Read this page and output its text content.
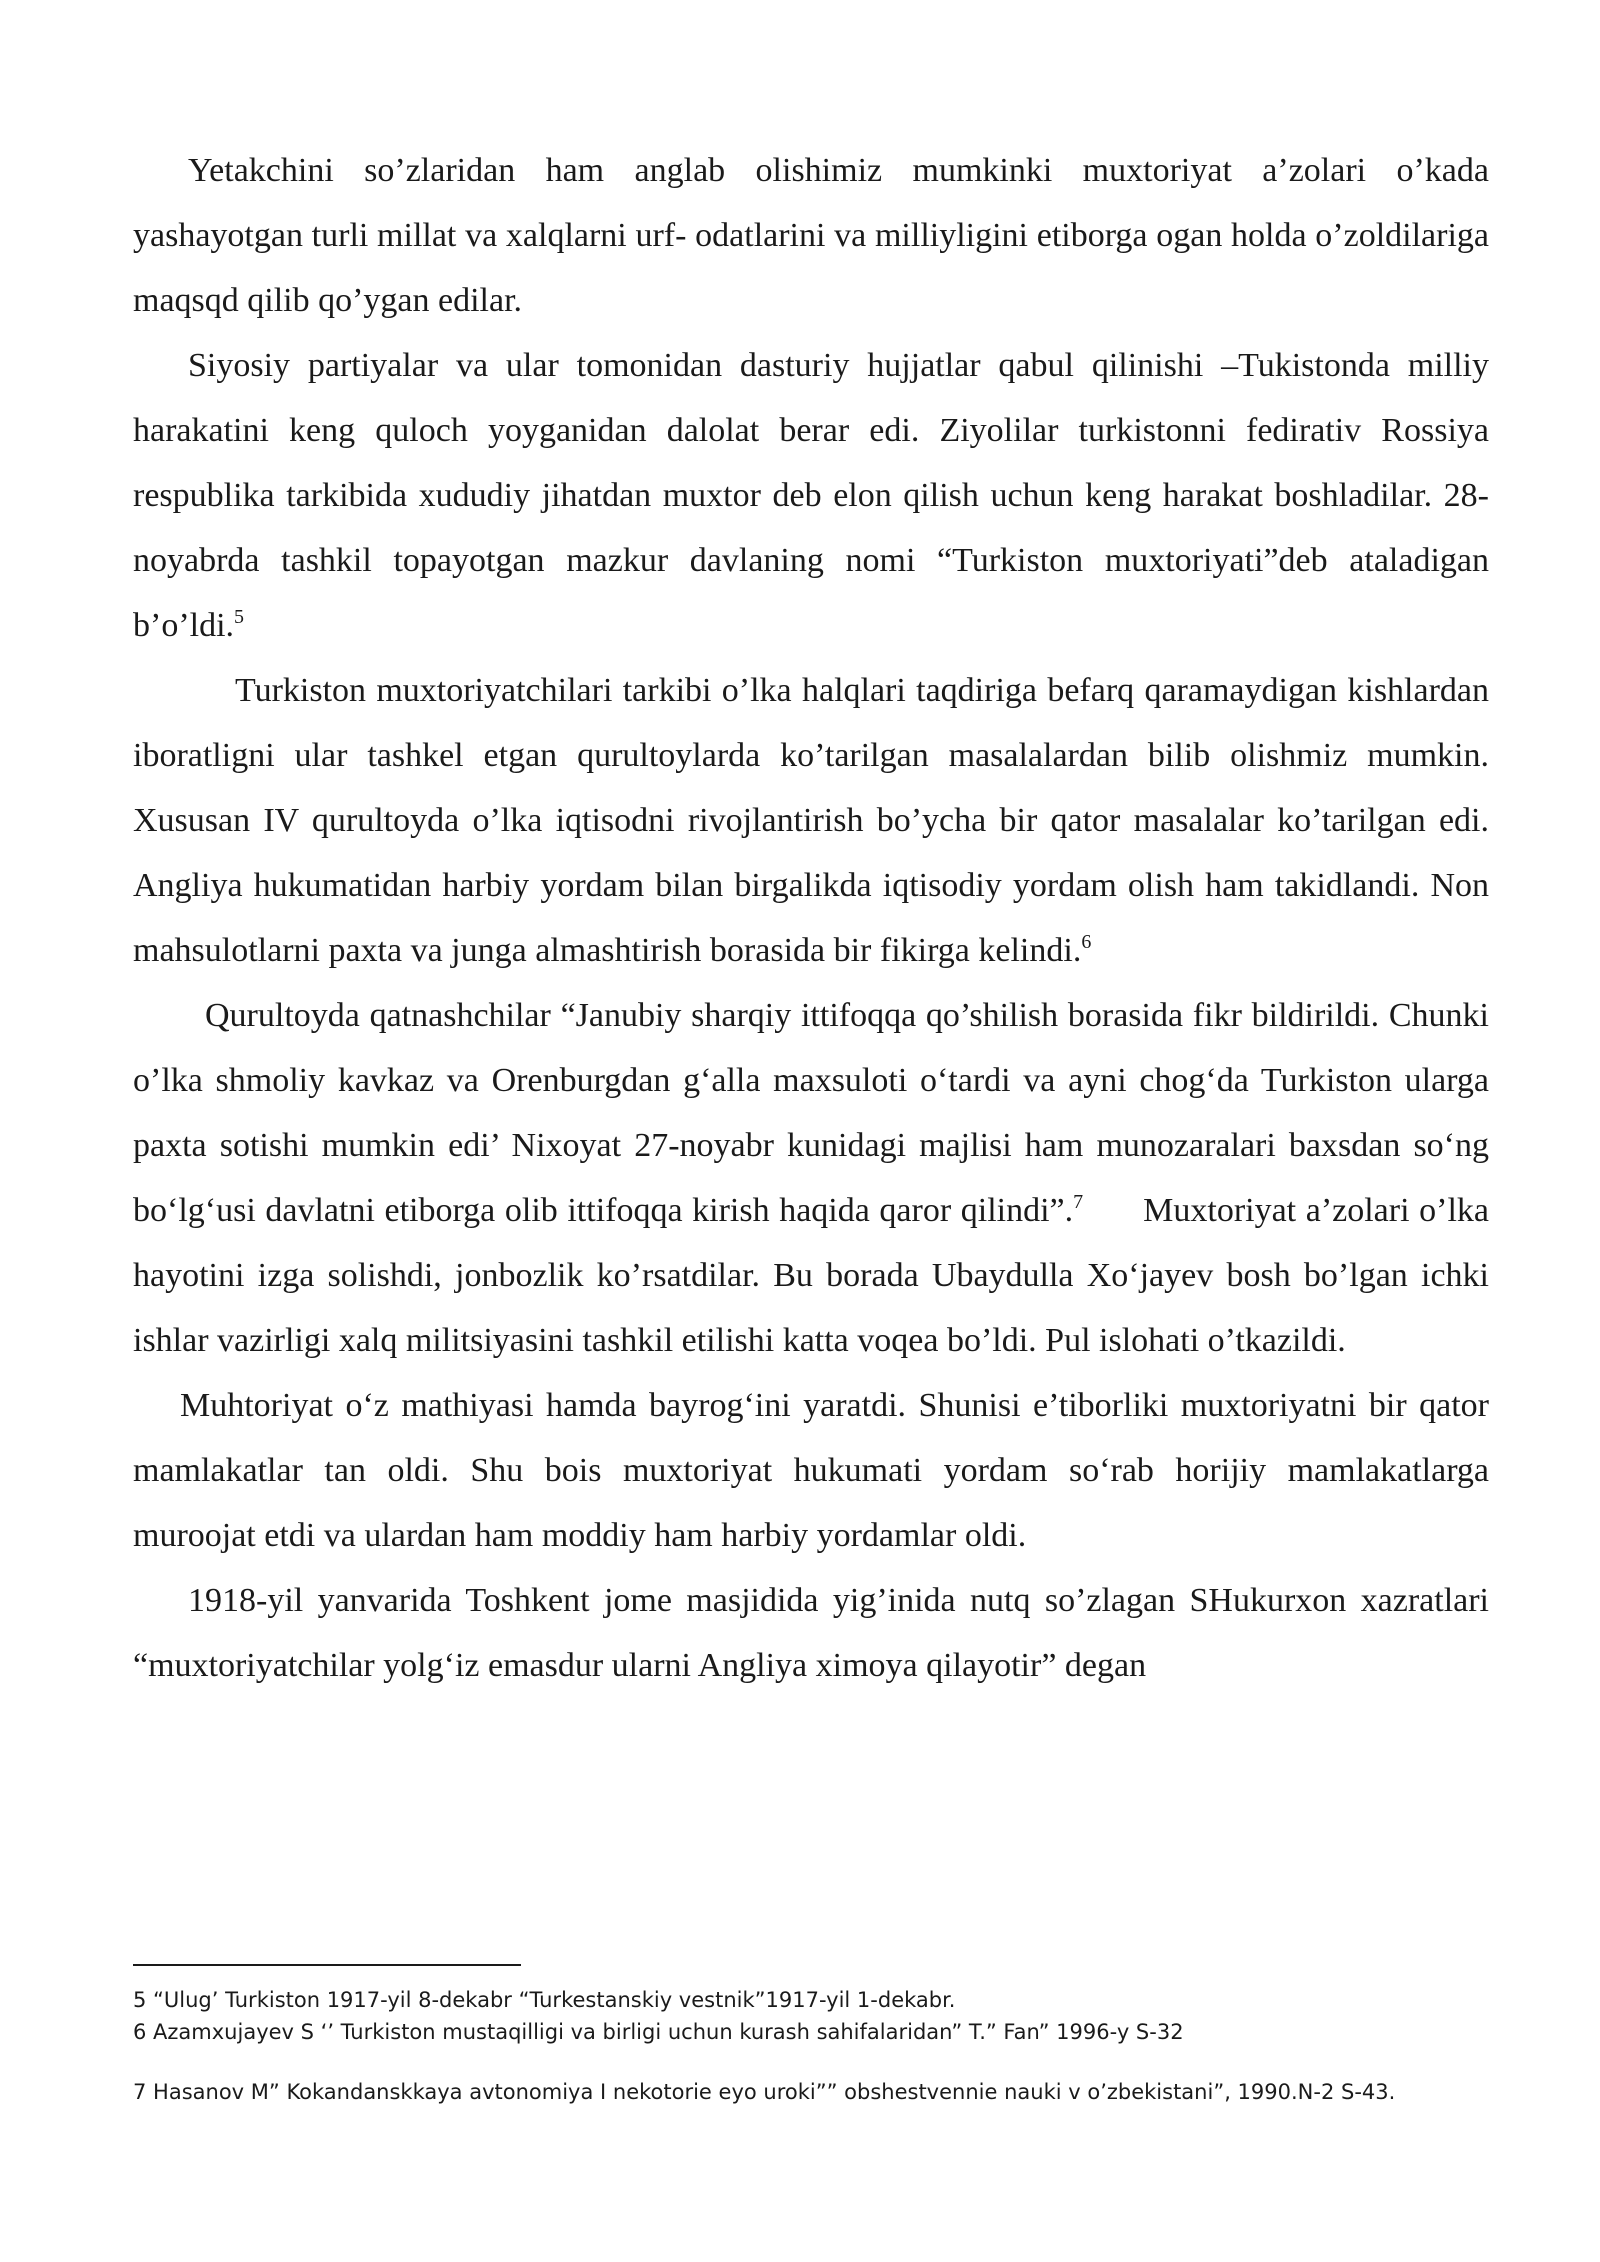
Yetakchini so’zlaridan ham anglab olishimiz mumkinki muxtoriyat a’zolari o’kada yashayotgan turli millat va xalqlarni urf- odatlarini va milliyligini etiborga ogan holda o’zoldilariga maqsqd qilib qo’ygan edilar.

Siyosiy partiyalar va ular tomonidan dasturiy hujjatlar qabul qilinishi –Tukistonda milliy harakatini keng quloch yoyganidan dalolat berar edi. Ziyolilar turkistonni fedirativ Rossiya respublika tarkibida xududiy jihatdan muxtor deb elon qilish uchun keng harakat boshladilar. 28-noyabrda tashkil topayotgan mazkur davlaning nomi “Turkiston muxtoriyati”deb ataladigan b’o’ldi.$^5$

Turkiston muxtoriyatchilari tarkibi o’lka halqlari taqdiriga befarq qaramaydigan kishlardan iboratligni ular tashkel etgan qurultoylarda ko’tarilgan masalalardan bilib olishmiz mumkin. Xususan IV qurultoyda o’lka iqtisodni rivojlantirish bo’ycha bir qator masalalar ko’tarilgan edi. Angliya hukumatidan harbiy yordam bilan birgalikda iqtisodiy yordam olish ham takidlandi. Non mahsulotlarni paxta va junga almashtirish borasida bir fikirga kelindi.$^6$

Qurultoyda qatnashchilar “Janubiy sharqiy ittifoqqa qo’shilish borasida fikr bildirildi. Chunki o’lka shmoliy kavkaz va Orenburgdan g‘alla maxsuloti o‘tardi va ayni chog‘da Turkiston ularga paxta sotishi mumkin edi’ Nixoyat 27-noyabr kunidagi majlisi ham munozaralari baxsdan so‘ng bo‘lg‘usi davlatni etiborga olib ittifoqqa kirish haqida qaror qilindi”.$^7$ Muxtoriyat a’zolari o’lka hayotini izga solishdi, jonbozlik ko’rsatdilar. Bu borada Ubaydulla Xo‘jayev bosh bo’lgan ichki ishlar vazirligi xalq militsiyasini tashkil etilishi katta voqea bo’ldi. Pul islohati o’tkazildi.

Muhtoriyat o‘z mathiyasi hamda bayrog‘ini yaratdi. Shunisi e’tiborliki muxtoriyatni bir qator mamlakatlar tan oldi. Shu bois muxtoriyat hukumati yordam so‘rab horijiy mamlakatlarga muroojat etdi va ulardan ham moddiy ham harbiy yordamlar oldi.

1918-yil yanvarida Toshkent jome masjidida yig’inida nutq so’zlagan SHukurxon xazratlari “muxtoriyatchilar yolg‘iz emasdur ularni Angliya ximoya qilayotir” degan

5 “Ulug’ Turkiston 1917-yil 8-dekabr “Turkestanskiy vestnik”1917-yil 1-dekabr.

6 Azamxujayev S ‘’ Turkiston mustaqilligi va birligi uchun kurash sahifalaridan” T.” Fan” 1996-y S-32

7 Hasanov M” Kokandanskkaya avtonomiya I nekotorie eyo uroki”” obshestvennie nauki v o’zbekistani”, 1990.N-2 S-43.
